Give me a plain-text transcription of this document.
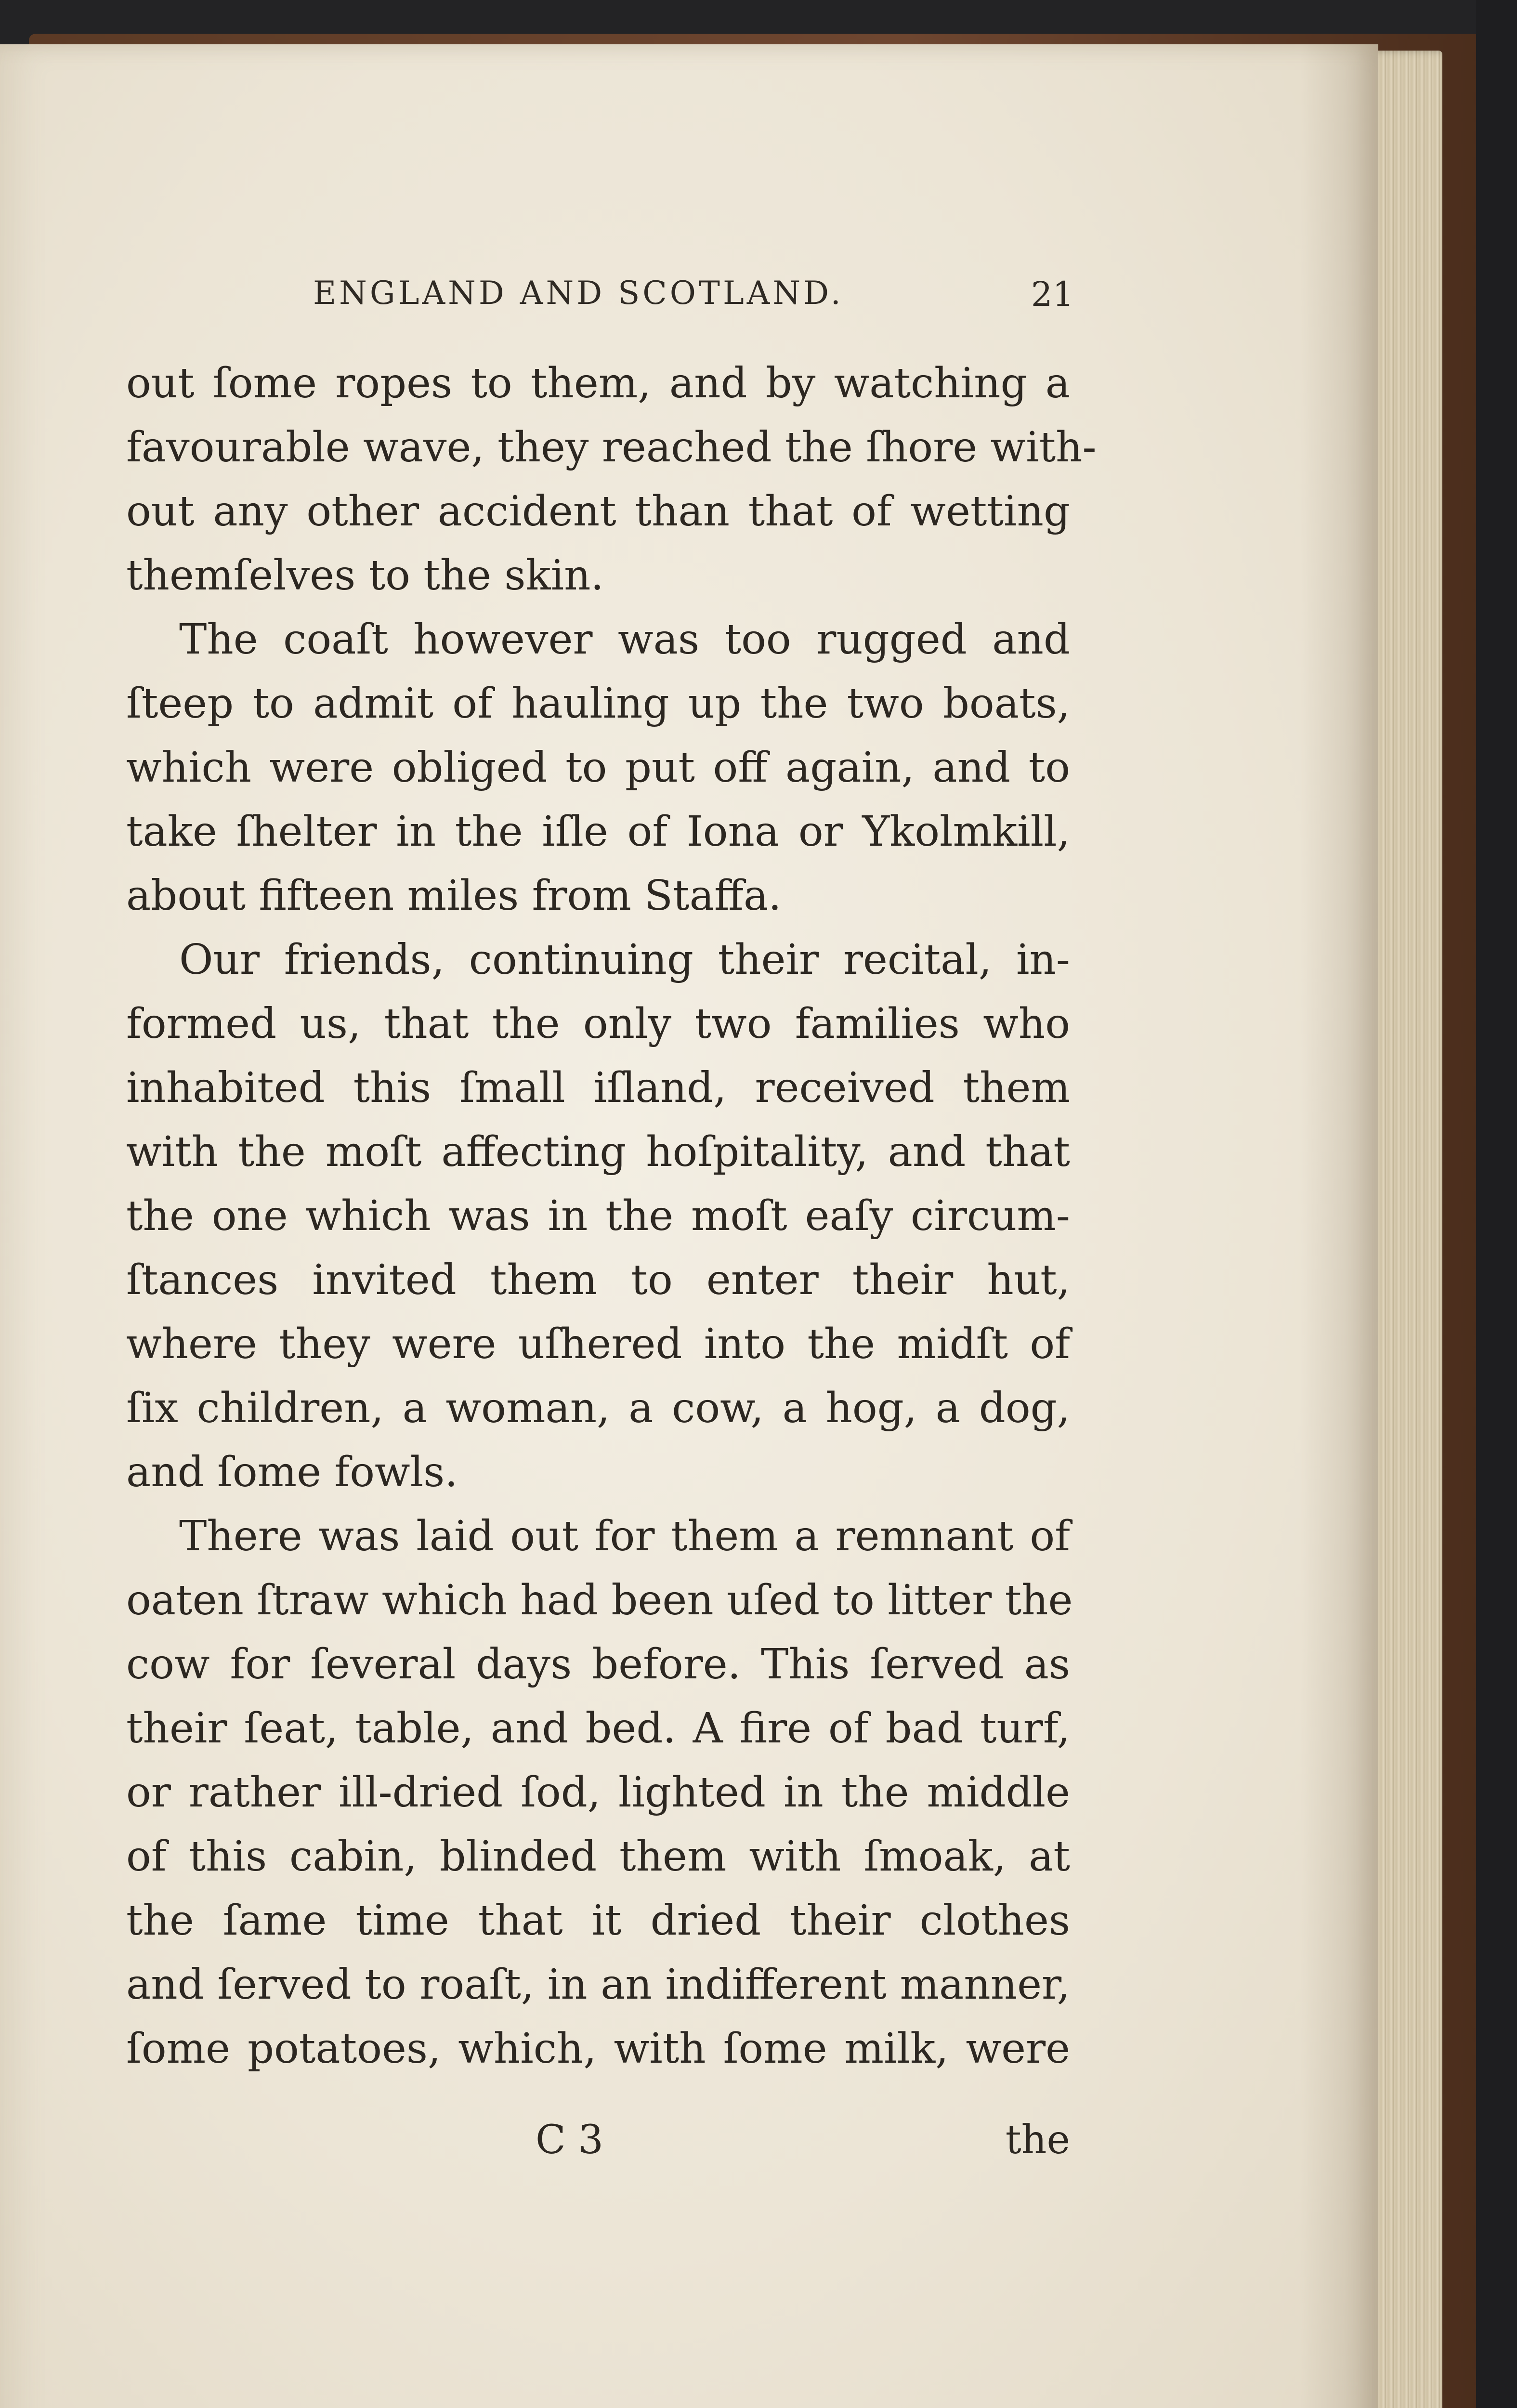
ENGLAND AND SCOTLAND.	21
out ſome ropes to them, and by watching a
favourable wave, they reached the ſhore with-
out any other accident than that of wetting
themſelves to the skin.
The coaſt however was too rugged and
ſteep to admit of hauling up the two boats,
which were obliged to put off again, and to
take ſhelter in the iſle of Iona or Ykolmkill,
about fifteen miles from Staffa.
Our friends, continuing their recital, in-
formed us, that the only two families who
inhabited this ſmall iſland, received them
with the moſt affecting hoſpitality, and that
the one which was in the moſt eaſy circum-
ſtances invited them to enter their hut,
where they were uſhered into the midſt of
ſix children, a woman, a cow, a hog, a dog,
and ſome fowls.
There was laid out for them a remnant of
oaten ſtraw which had been uſed to litter the
cow for ſeveral days before. This ſerved as
their ſeat, table, and bed. A fire of bad turf,
or rather ill-dried ſod, lighted in the middle
of this cabin, blinded them with ſmoak, at
the ſame time that it dried their clothes
and ſerved to roaſt, in an indifferent manner,
ſome potatoes, which, with ſome milk, were
C 3	the
